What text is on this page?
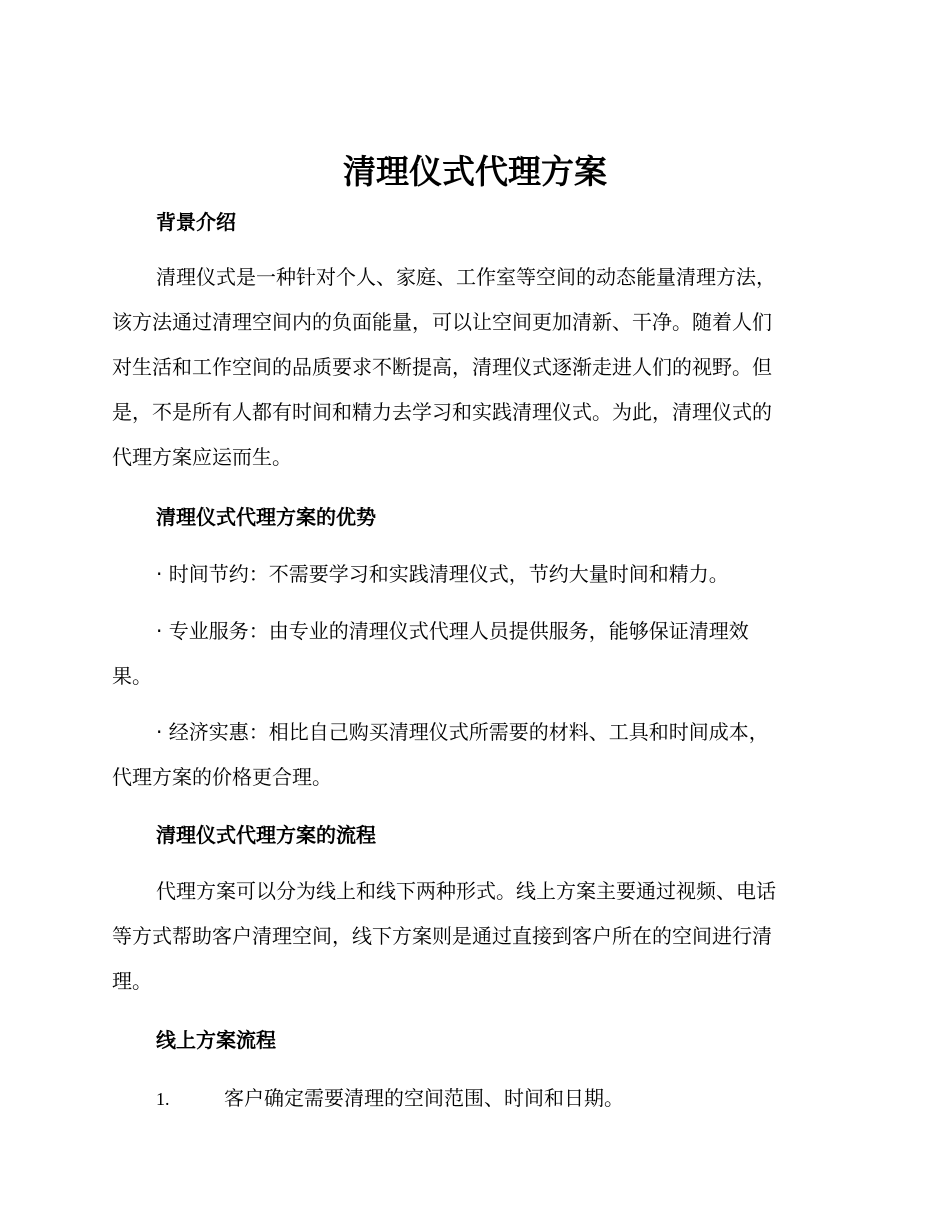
清理仪式代理方案
背景介绍

清理仪式是一种针对个人、家庭、工作室等空间的动态能量清理方法，
该方法通过清理空间内的负面能量，可以让空间更加清新、干净。随着人们
对生活和工作空间的品质要求不断提高，清理仪式逐渐走进人们的视野。但
是，不是所有人都有时间和精力去学习和实践清理仪式。为此，清理仪式的
代理方案应运而生。

清理仪式代理方案的优势

· 时间节约：不需要学习和实践清理仪式，节约大量时间和精力。

· 专业服务：由专业的清理仪式代理人员提供服务，能够保证清理效
果。

· 经济实惠：相比自己购买清理仪式所需要的材料、工具和时间成本，
代理方案的价格更合理。

清理仪式代理方案的流程

代理方案可以分为线上和线下两种形式。线上方案主要通过视频、电话
等方式帮助客户清理空间，线下方案则是通过直接到客户所在的空间进行清
理。

线上方案流程
1.	客户确定需要清理的空间范围、时间和日期。
